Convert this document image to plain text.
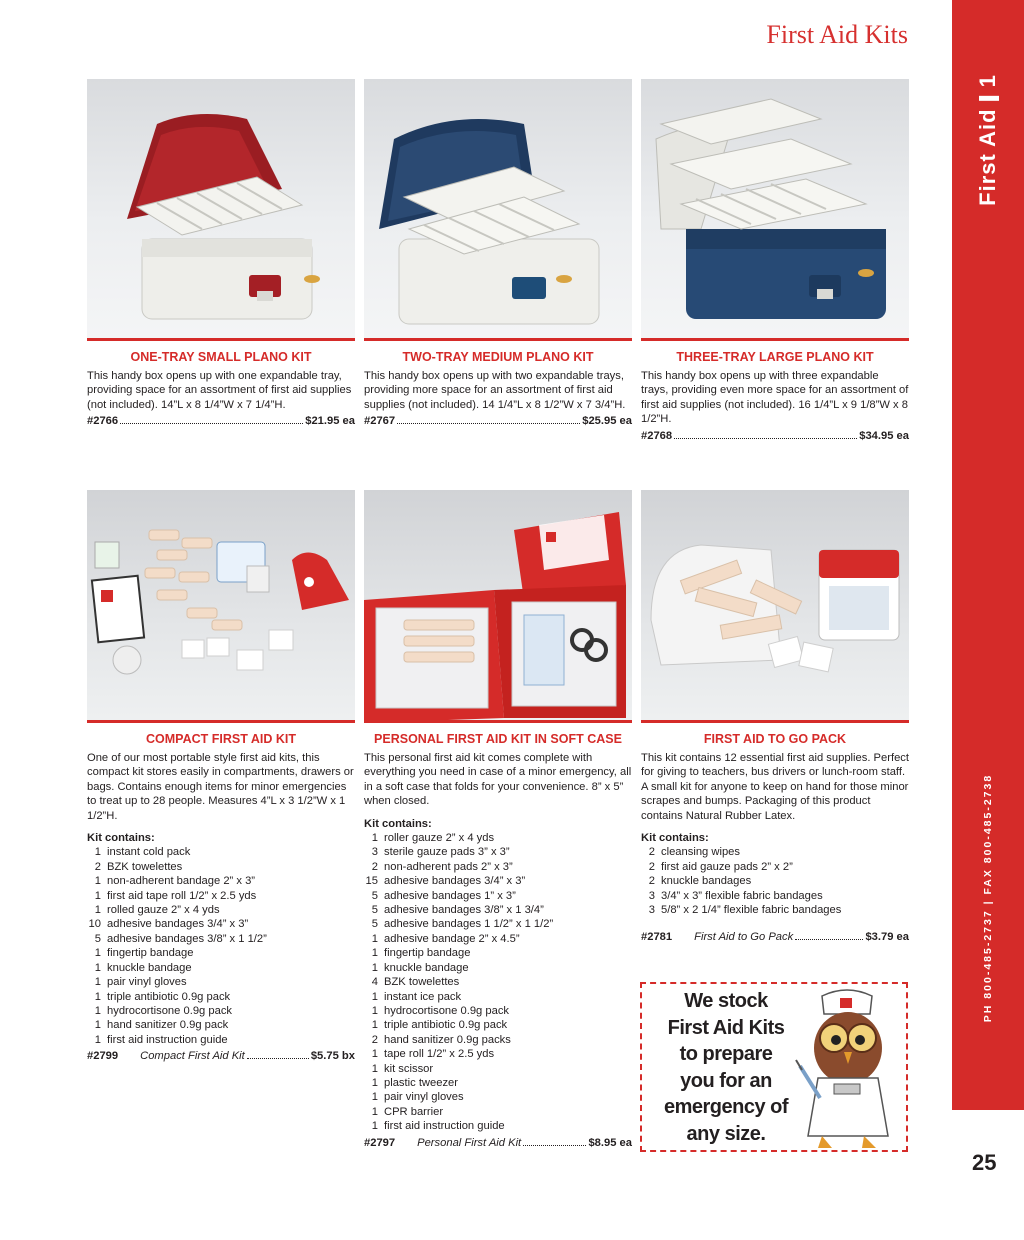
First Aid Kits
First Aid1
PH 800-485-2737 | FAX 800-485-2738
25
ONE-TRAY SMALL PLANO KIT
This handy box opens up with one expandable tray, providing space for an assortment of first aid supplies (not included). 14”L x 8 1/4”W x 7 1/4”H.
#2766	$21.95 ea
TWO-TRAY MEDIUM PLANO KIT
This handy box opens up with two expandable trays, providing more space for an assortment of first aid supplies (not included). 14 1/4”L x 8 1/2”W x 7 3/4”H.
#2767	$25.95 ea
THREE-TRAY LARGE PLANO KIT
This handy box opens up with three expandable trays, providing even more space for an assortment of first aid supplies (not included). 16 1/4”L x 9 1/8”W x 8 1/2”H.
#2768	$34.95 ea
COMPACT FIRST AID KIT
One of our most portable style first aid kits, this compact kit stores easily in compartments, drawers or bags. Contains enough items for minor emergencies to treat up to 28 people. Measures 4”L x 3 1/2”W x 1 1/2”H.
Kit contains:
1 instant cold pack
2 BZK towelettes
1 non-adherent bandage 2” x 3”
1 first aid tape roll 1/2” x 2.5 yds
1 rolled gauze 2” x 4 yds
10 adhesive bandages 3/4” x 3”
5 adhesive bandages 3/8” x 1 1/2”
1 fingertip bandage
1 knuckle bandage
1 pair vinyl gloves
1 triple antibiotic 0.9g pack
1 hydrocortisone 0.9g pack
1 hand sanitizer 0.9g pack
1 first aid instruction guide
#2799 Compact First Aid Kit	$5.75 bx
PERSONAL FIRST AID KIT IN SOFT CASE
This personal first aid kit comes complete with everything you need in case of a minor emergency, all in a soft case that folds for your convenience. 8” x 5” when closed.
Kit contains:
1 roller gauze 2” x 4 yds
3 sterile gauze pads 3” x 3”
2 non-adherent pads 2” x 3”
15 adhesive bandages 3/4” x 3”
5 adhesive bandages 1” x 3”
5 adhesive bandages 3/8” x 1 3/4”
5 adhesive bandages 1 1/2” x 1 1/2”
1 adhesive bandage 2” x 4.5”
1 fingertip bandage
1 knuckle bandage
4 BZK towelettes
1 instant ice pack
1 hydrocortisone 0.9g pack
1 triple antibiotic 0.9g pack
2 hand sanitizer 0.9g packs
1 tape roll 1/2” x 2.5 yds
1 kit scissor
1 plastic tweezer
1 pair vinyl gloves
1 CPR barrier
1 first aid instruction guide
#2797 Personal First Aid Kit	$8.95 ea
FIRST AID TO GO PACK
This kit contains 12 essential first aid supplies. Perfect for giving to teachers, bus drivers or lunch-room staff. A small kit for anyone to keep on hand for those minor scrapes and bumps. Packaging of this product contains Natural Rubber Latex.
Kit contains:
2 cleansing wipes
2 first aid gauze pads 2” x 2”
2 knuckle bandages
3 3/4” x 3” flexible fabric bandages
3 5/8” x 2 1/4” flexible fabric bandages
#2781 First Aid to Go Pack	$3.79 ea
We stock
First Aid Kits
to prepare
you for an
emergency of
any size.
